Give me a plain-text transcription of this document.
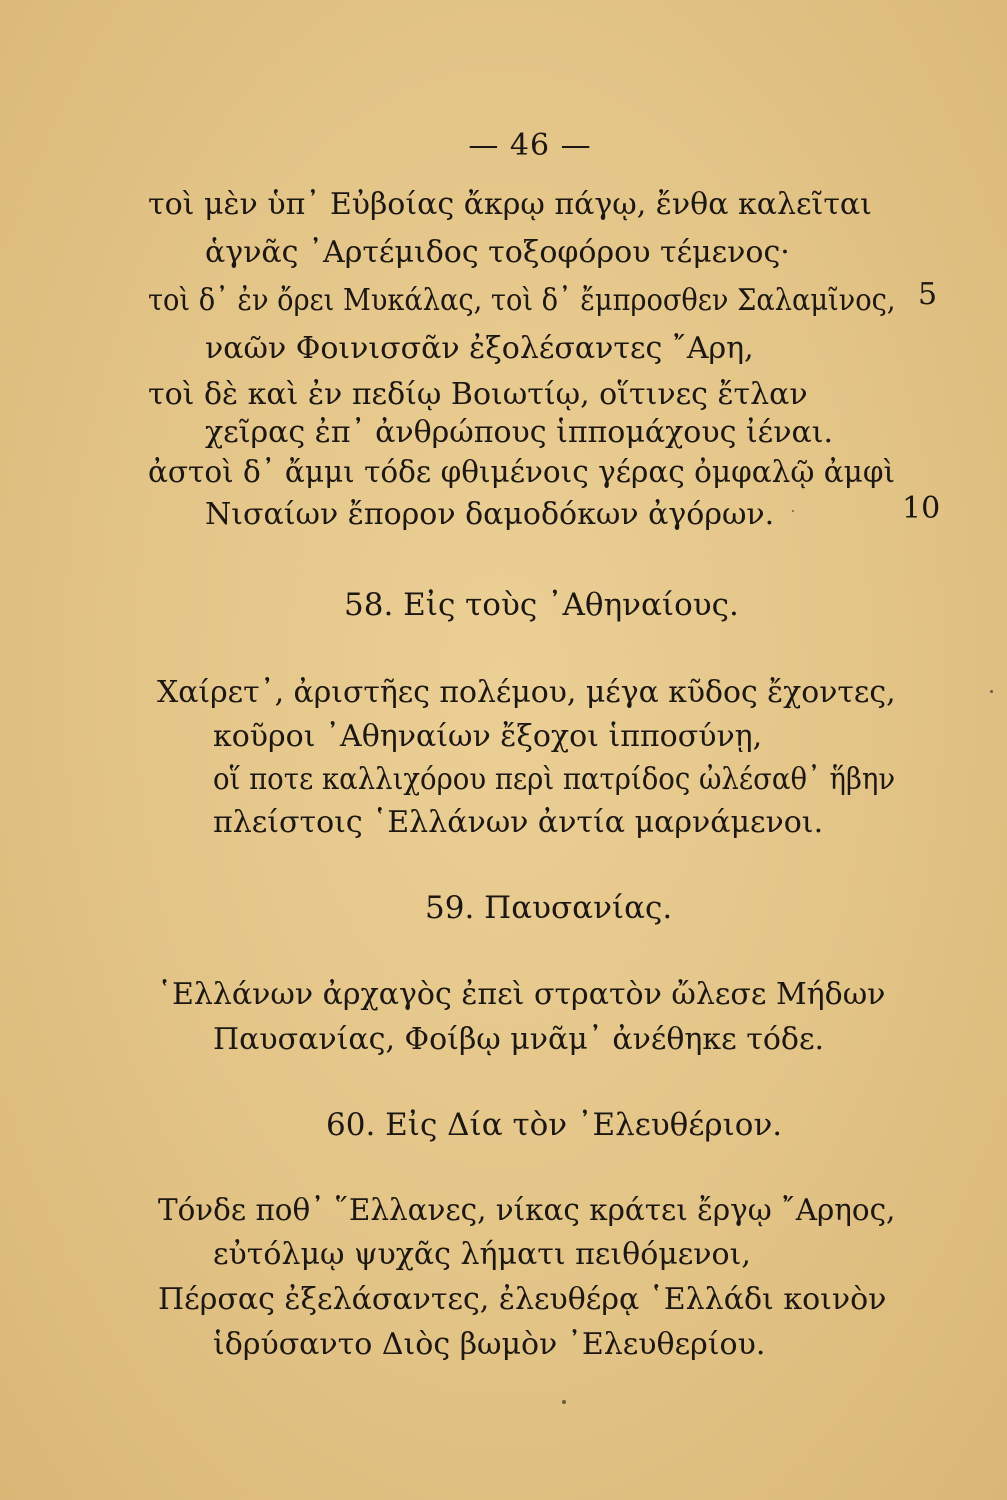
— 46 —
τοὶ μὲν ὑπ᾽ Εὐβοίας ἄκρῳ πάγῳ, ἔνθα καλεῖται
ἁγνᾶς ᾽Αρτέμιδος τοξοφόρου τέμενος·
τοὶ δ᾽ ἐν ὄρει Μυκάλας, τοὶ δ᾽ ἔμπροσθεν Σαλαμῖνος, 5
ναῶν Φοινισσᾶν ἐξολέσαντες ῎Αρη,
τοὶ δὲ καὶ ἐν πεδίῳ Βοιωτίῳ, οἵτινες ἔτλαν
χεῖρας ἐπ᾽ ἀνθρώπους ἱππομάχους ἰέναι.
ἀστοὶ δ᾽ ἄμμι τόδε φθιμένοις γέρας ὀμφαλῷ ἀμφὶ
Νισαίων ἔπορον δαμοδόκων ἀγόρων.	10
58. Εἰς τοὺς ᾽Αθηναίους.
Χαίρετ᾽, ἀριστῆες πολέμου, μέγα κῦδος ἔχοντες,
κοῦροι ᾽Αθηναίων ἔξοχοι ἱπποσύνῃ,
οἵ ποτε καλλιχόρου περὶ πατρίδος ὠλέσαθ᾽ ἥβην
πλείστοις ῾Ελλάνων ἀντία μαρνάμενοι.
59. Παυσανίας.
῾Ελλάνων ἀρχαγὸς ἐπεὶ στρατὸν ὤλεσε Μήδων
Παυσανίας, Φοίβῳ μνᾶμ᾽ ἀνέθηκε τόδε.
60. Εἰς Δία τὸν ᾽Ελευθέριον.
Τόνδε ποθ᾽ ῞Ελλανες, νίκας κράτει ἔργῳ ῎Αρηος,
εὐτόλμῳ ψυχᾶς λήματι πειθόμενοι,
Πέρσας ἐξελάσαντες, ἐλευθέρᾳ ῾Ελλάδι κοινὸν
ἱδρύσαντο Διὸς βωμὸν ᾽Ελευθερίου.
